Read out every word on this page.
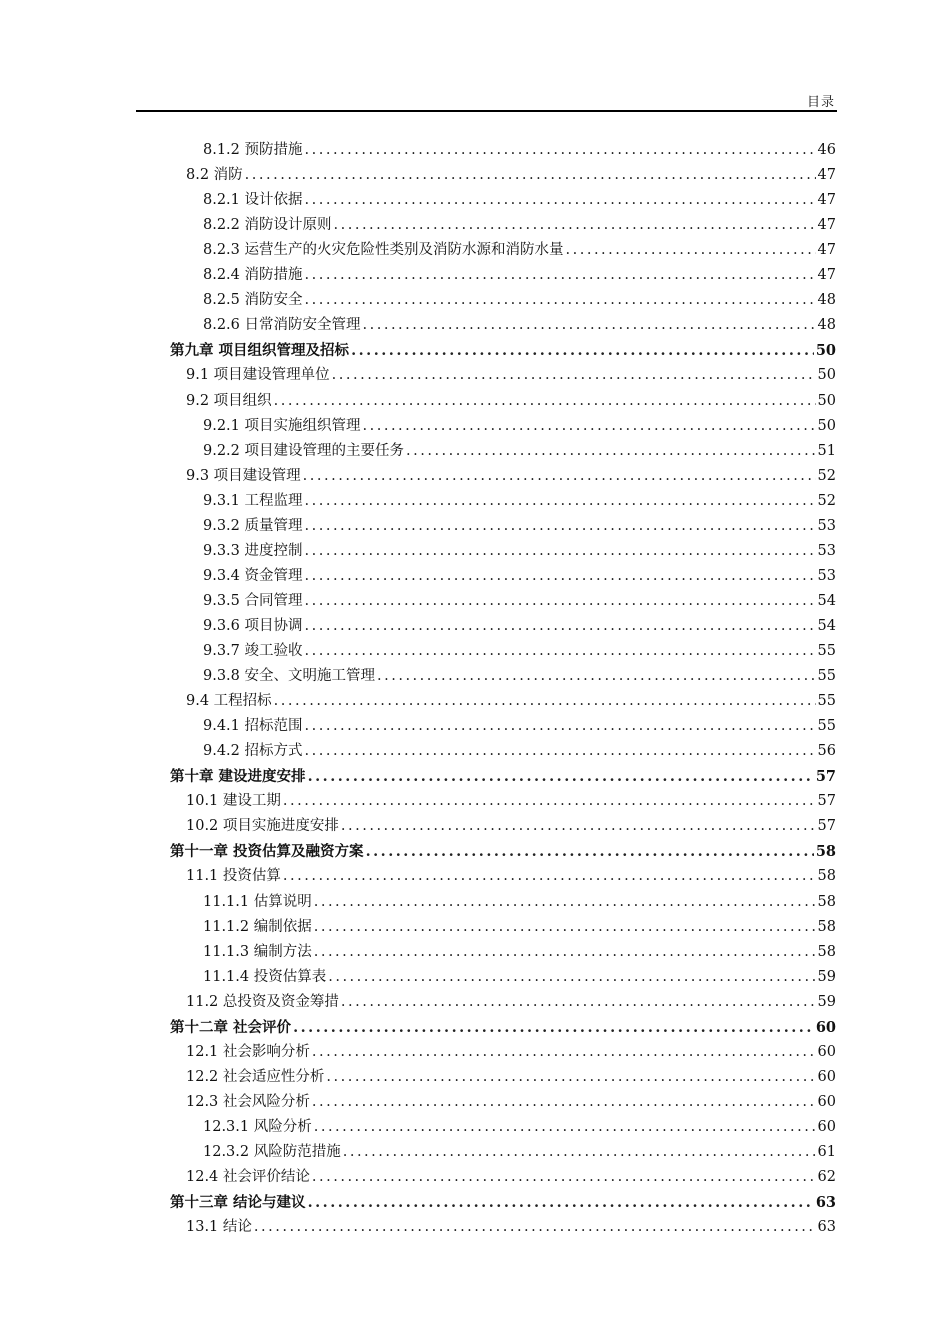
目录
8.1.2 预防措施 .....	46
8.2 消防 .....	47
8.2.1 设计依据 .....	47
8.2.2 消防设计原则 .....	47
8.2.3 运营生产的火灾危险性类别及消防水源和消防水量 .....	47
8.2.4 消防措施 .....	47
8.2.5 消防安全 .....	48
8.2.6 日常消防安全管理 .....	48
第九章 项目组织管理及招标 .....	50
9.1 项目建设管理单位 .....	50
9.2 项目组织 .....	50
9.2.1 项目实施组织管理 .....	50
9.2.2 项目建设管理的主要任务 .....	51
9.3 项目建设管理 .....	52
9.3.1 工程监理 .....	52
9.3.2 质量管理 .....	53
9.3.3 进度控制 .....	53
9.3.4 资金管理 .....	53
9.3.5 合同管理 .....	54
9.3.6 项目协调 .....	54
9.3.7 竣工验收 .....	55
9.3.8 安全、文明施工管理 .....	55
9.4 工程招标 .....	55
9.4.1 招标范围 .....	55
9.4.2 招标方式 .....	56
第十章 建设进度安排 .....	57
10.1 建设工期 .....	57
10.2 项目实施进度安排 .....	57
第十一章 投资估算及融资方案 .....	58
11.1 投资估算 .....	58
11.1.1 估算说明 .....	58
11.1.2 编制依据 .....	58
11.1.3 编制方法 .....	58
11.1.4 投资估算表 .....	59
11.2 总投资及资金筹措 .....	59
第十二章 社会评价 .....	60
12.1 社会影响分析 .....	60
12.2 社会适应性分析 .....	60
12.3 社会风险分析 .....	60
12.3.1 风险分析 .....	60
12.3.2 风险防范措施 .....	61
12.4 社会评价结论 .....	62
第十三章 结论与建议 .....	63
13.1 结论 .....	63
